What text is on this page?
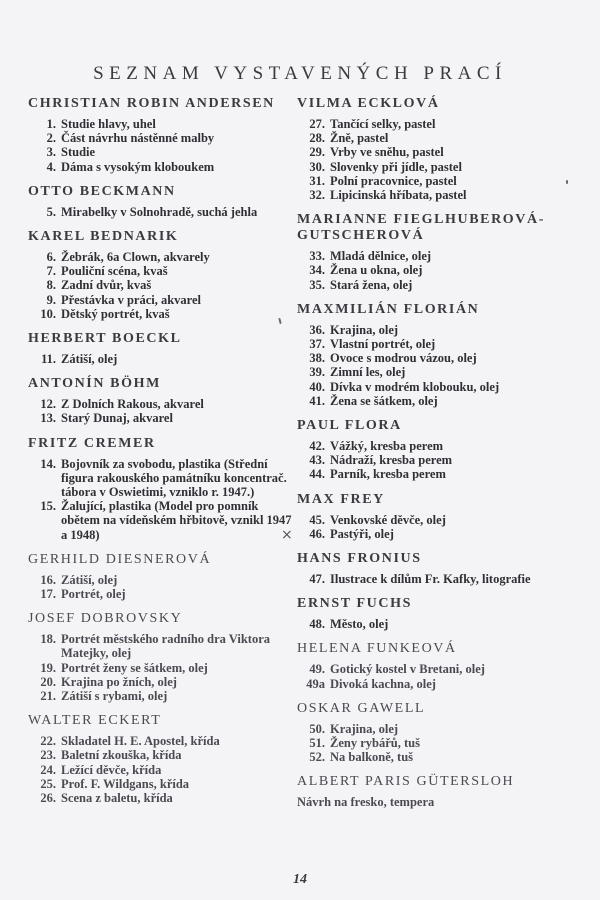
SEZNAM VYSTAVENÝCH PRACÍ
CHRISTIAN ROBIN ANDERSEN
1. Studie hlavy, uhel
2. Část návrhu nástěnné malby
3. Studie
4. Dáma s vysokým kloboukem
OTTO BECKMANN
5. Mirabelky v Solnohradě, suchá jehla
KAREL BEDNARIK
6. Žebrák, 6a Clown, akvarely
7. Pouliční scéna, kvaš
8. Zadní dvůr, kvaš
9. Přestávka v práci, akvarel
10. Dětský portrét, kvaš
HERBERT BOECKL
11. Zátiší, olej
ANTONÍN BÖHM
12. Z Dolních Rakous, akvarel
13. Starý Dunaj, akvarel
FRITZ CREMER
14. Bojovník za svobodu, plastika (Střední figura rakouského památníku koncentrač. tábora v Oswietimi, vzniklo r. 1947.)
15. Žalující, plastika (Model pro pomník obětem na vídeňském hřbitově, vznikl 1947 a 1948)
GERHILD DIESNEROVÁ
16. Zátiší, olej
17. Portrét, olej
JOSEF DOBROVSKY
18. Portrét městského radního dra Viktora Matejky, olej
19. Portrét ženy se šátkem, olej
20. Krajina po žních, olej
21. Zátiší s rybami, olej
WALTER ECKERT
22. Skladatel H. E. Apostel, křída
23. Baletní zkouška, křída
24. Ležící děvče, křída
25. Prof. F. Wildgans, křída
26. Scena z baletu, křída
VILMA ECKLOVÁ
27. Tančící selky, pastel
28. Žně, pastel
29. Vrby ve sněhu, pastel
30. Slovenky při jídle, pastel
31. Polní pracovnice, pastel
32. Lipicinská hříbata, pastel
MARIANNE FIEGLHUBEROVÁ-GUTSCHEROVÁ
33. Mladá dělnice, olej
34. Žena u okna, olej
35. Stará žena, olej
MAXMILIÁN FLORIÁN
36. Krajina, olej
37. Vlastní portrét, olej
38. Ovoce s modrou vázou, olej
39. Zimní les, olej
40. Dívka v modrém klobouku, olej
41. Žena se šátkem, olej
PAUL FLORA
42. Vážký, kresba perem
43. Nádraží, kresba perem
44. Parník, kresba perem
MAX FREY
45. Venkovské děvče, olej
46. Pastýři, olej
HANS FRONIUS
47. Ilustrace k dílům Fr. Kafky, litografie
ERNST FUCHS
48. Město, olej
HELENA FUNKEOVÁ
49. Gotický kostel v Bretani, olej
49a Divoká kachna, olej
OSKAR GAWELL
50. Krajina, olej
51. Ženy rybářů, tuš
52. Na balkoně, tuš
ALBERT PARIS GÜTERSLOH
Návrh na fresko, tempera
×
14
